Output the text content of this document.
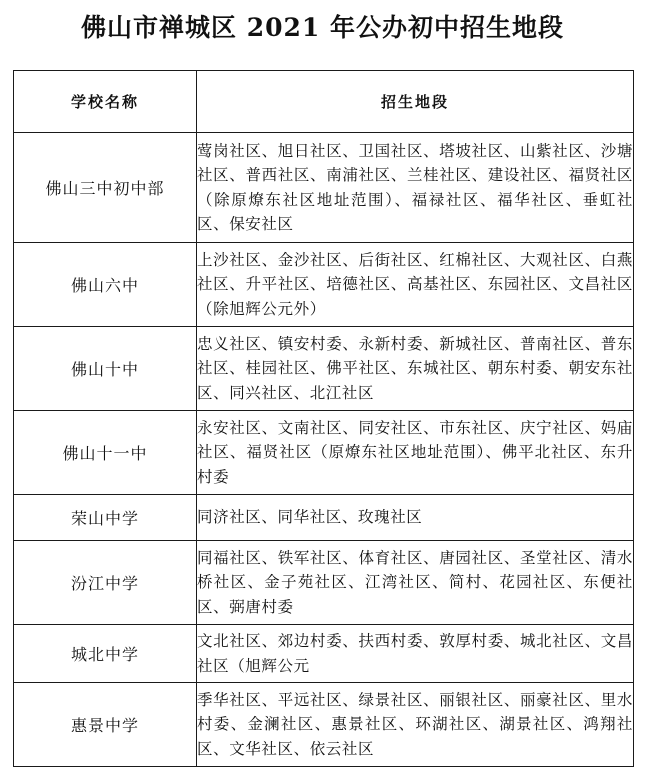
佛山市禅城区 2021 年公办初中招生地段
学校名称	招生地段
佛山三中初中部	莺岗社区、旭日社区、卫国社区、塔坡社区、山紫社区、沙塘社区、普西社区、南浦社区、兰桂社区、建设社区、福贤社区（除原燎东社区地址范围）、福禄社区、福华社区、垂虹社区、保安社区
佛山六中	上沙社区、金沙社区、后街社区、红棉社区、大观社区、白燕社区、升平社区、培德社区、高基社区、东园社区、文昌社区（除旭辉公元外）
佛山十中	忠义社区、镇安村委、永新村委、新城社区、普南社区、普东社区、桂园社区、佛平社区、东城社区、朝东村委、朝安东社区、同兴社区、北江社区
佛山十一中	永安社区、文南社区、同安社区、市东社区、庆宁社区、妈庙社区、福贤社区（原燎东社区地址范围）、佛平北社区、东升村委
荣山中学	同济社区、同华社区、玫瑰社区
汾江中学	同福社区、铁军社区、体育社区、唐园社区、圣堂社区、清水桥社区、金子苑社区、江湾社区、简村、花园社区、东便社区、弼唐村委
城北中学	文北社区、郊边村委、扶西村委、敦厚村委、城北社区、文昌社区（旭辉公元
惠景中学	季华社区、平远社区、绿景社区、丽银社区、丽豪社区、里水村委、金澜社区、惠景社区、环湖社区、湖景社区、鸿翔社区、文华社区、依云社区
